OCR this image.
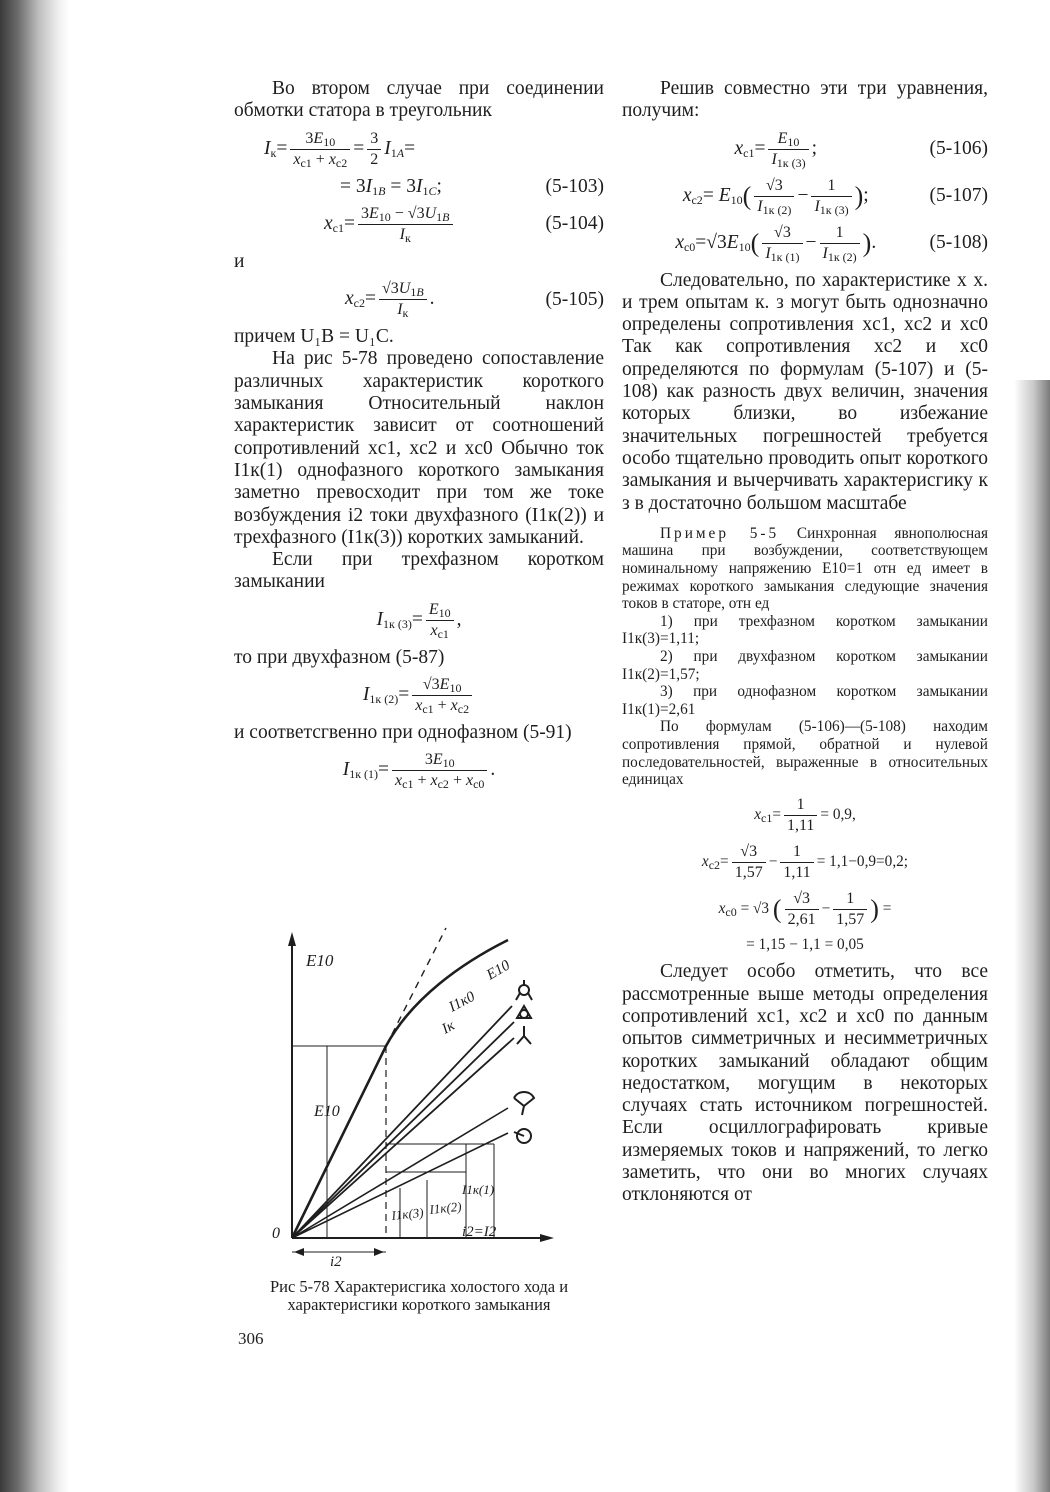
Во втором случае при соединении обмотки статора в треугольник

$I_к= \frac{3E_{10}}{x_{c1} + x_{c2}} = \frac{3}{2} I_{1A}=$
= $3I_{1B} = 3I_{1C}$;	(5-103)
$x_{c1}= \frac{3E_{10} - √3U_{1B}}{I_к}$	(5-104)

и

$x_{c2}= \frac{√3U_{1B}}{I_к}$ .	(5-105)

причем U₁B = U₁C.

На рис 5-78 проведено сопоставление различных характеристик короткого замыкания Относительный наклон характеристик зависит от соотношений сопротивлений xc1, xc2 и xc0 Обычно ток I1к(1) однофазного короткого замыкания заметно превосходит при том же токе возбуждения i2 токи двухфазного (I1к(2)) и трехфазного (I1к(3)) коротких замыканий.

Если при трехфазном коротком замыкании

$I_{1к (3)}= \frac{E_{10}}{x_{c1}}$ ,

то при двухфазном (5-87)

$I_{1к (2)}= \frac{√3E_{10}}{x_{c1} + x_{c2}}$

и соответсгвенно при однофазном (5-91)

$I_{1к (1)}= \frac{3E_{10}}{x_{c1} + x_{c2} + x_{c0}}$ .
E10	E10
I1к0
Iк
E10
I1к(1)
I1к(3) I1к(2)
i2=I2
0
i2
Рис 5-78 Характерисгика холостого хода и характерисгики короткого замыкания
306

Решив совместно эти три уравнения, получим:

$x_{c1}= \frac{E_{10}}{I_{1к (3)}}$ ;	(5-106)
$x_{c2}= E_{10}( \frac{√3}{I_{1к (2)}} - \frac{1}{I_{1к (3)}}$ );	(5-107)
$x_{c0}=√3E_{10}( \frac{√3}{I_{1к (1)}} - \frac{1}{I_{1к (2)}}$ ).	(5-108)

Следовательно, по характеристике х х. и трем опытам к. з могут быть однозначно определены сопротивления xc1, xc2 и xc0 Так как сопротивления xc2 и xc0 определяются по формулам (5-107) и (5-108) как разность двух величин, значения которых близки, во избежание значительных погрешностей требуется особо тщательно проводить опыт короткого замыкания и вычерчивать характерисгику к з в достаточно большом масштабе

Пример 5-5 Синхронная явнополюсная машина при возбуждении, соответствующем номинальному напряжению E10=1 отн ед имеет в режимах короткого замыкания следующие значения токов в статоре, отн ед

1) при трехфазном коротком замыкании I1к(3)=1,11;

2) при двухфазном коротком замыкании I1к(2)=1,57;

3) при однофазном коротком замыкании I1к(1)=2,61

По формулам (5-106)—(5-108) находим сопротивления прямой, обратной и нулевой последовательностей, выраженные в относительных единицах

$x_{c1}= \frac{1}{1,11} = 0,9$,
$x_{c2}= \frac{√3}{1,57} - \frac{1}{1,11} = 1,1-0,9=0,2$;
$x_{c0} = √3$ ( $\frac{√3}{2,61} - \frac{1}{1,57}$ ) =
= 1,15 − 1,1 = 0,05

Следует особо отметить, что все рассмотренные выше методы определения сопротивлений xc1, xc2 и xc0 по данным опытов симметричных и несимметричных коротких замыканий обладают общим недостатком, могущим в некоторых случаях стать источником погрешностей. Если осциллографировать кривые измеряемых токов и напряжений, то легко заметить, что они во многих случаях отклоняются от
